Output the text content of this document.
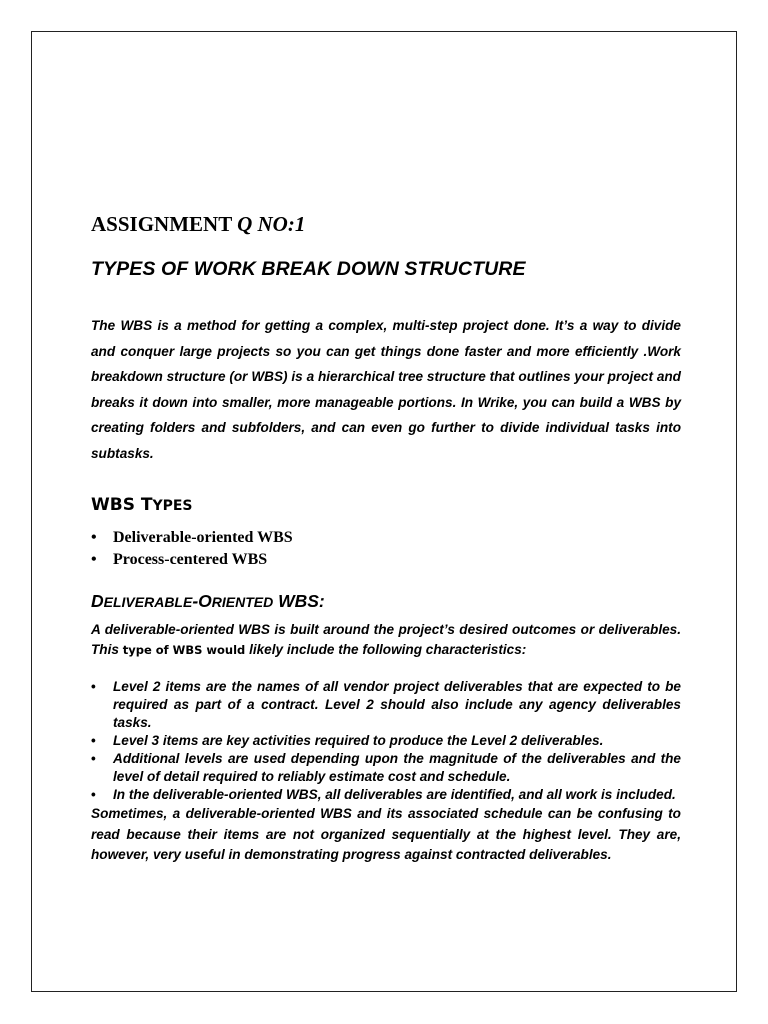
ASSIGNMENT Q NO:1
TYPES OF WORK BREAK DOWN STRUCTURE

The WBS is a method for getting a complex, multi-step project done. It’s a way to divide and conquer large projects so you can get things done faster and more efficiently .Work breakdown structure (or WBS) is a hierarchical tree structure that outlines your project and breaks it down into smaller, more manageable portions. In Wrike, you can build a WBS by creating folders and subfolders, and can even go further to divide individual tasks into subtasks.

WBS TYPES
• Deliverable-oriented WBS
• Process-centered WBS
DELIVERABLE-ORIENTED WBS:

A deliverable-oriented WBS is built around the project’s desired outcomes or deliverables. This type of WBS would likely include the following characteristics:

• Level 2 items are the names of all vendor project deliverables that are expected to be required as part of a contract. Level 2 should also include any agency deliverables tasks.
• Level 3 items are key activities required to produce the Level 2 deliverables.
• Additional levels are used depending upon the magnitude of the deliverables and the level of detail required to reliably estimate cost and schedule.
• In the deliverable-oriented WBS, all deliverables are identified, and all work is included.

Sometimes, a deliverable-oriented WBS and its associated schedule can be confusing to read because their items are not organized sequentially at the highest level. They are, however, very useful in demonstrating progress against contracted deliverables.
